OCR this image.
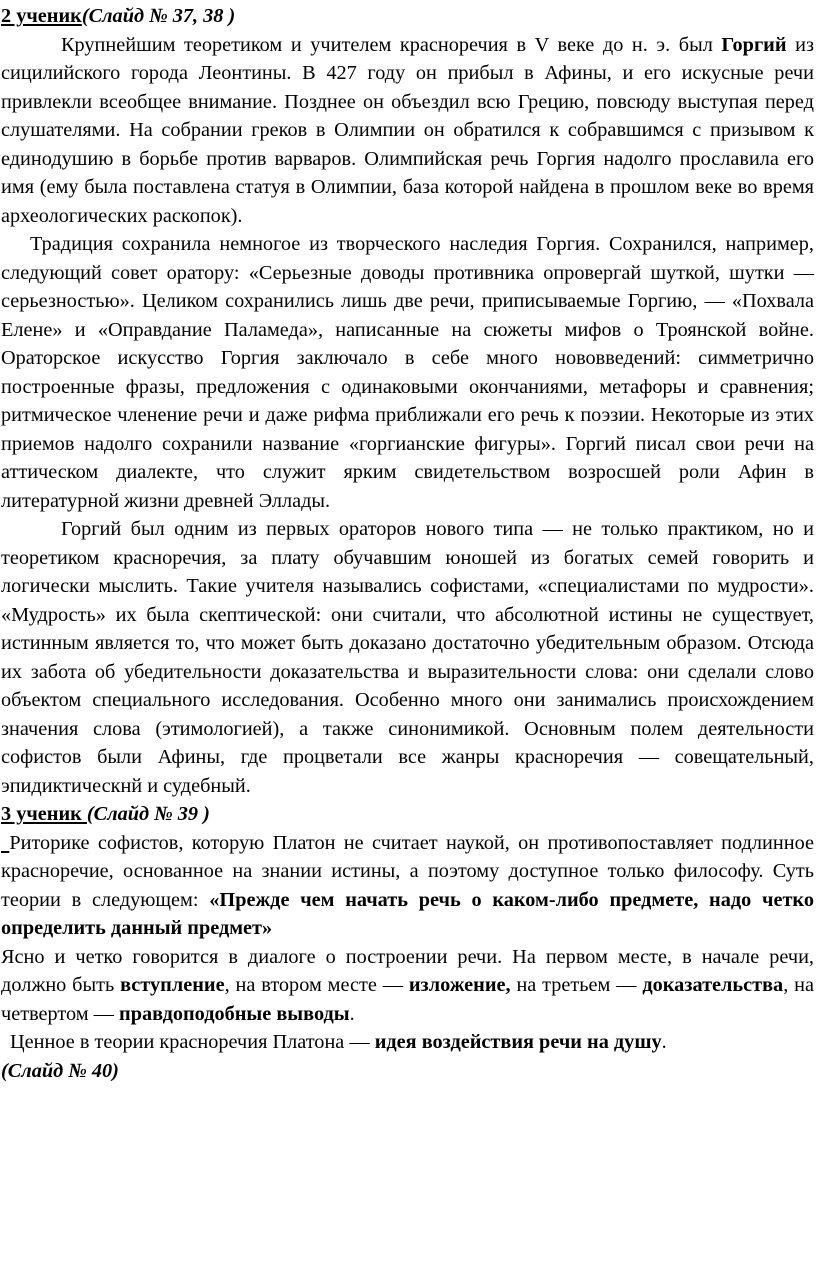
2 ученик(Слайд № 37, 38 )

Крупнейшим теоретиком и учителем красноречия в V веке до н. э. был Горгий из сицилийского города Леонтины. В 427 году он прибыл в Афины, и его искусные речи привлекли всеобщее внимание. Позднее он объездил всю Грецию, повсюду выступая перед слушателями. На собрании греков в Олимпии он обратился к собравшимся с призывом к единодушию в борьбе против варваров. Олимпийская речь Горгия надолго прославила его имя (ему была поставлена статуя в Олимпии, база которой найдена в прошлом веке во время археологических раскопок).

Традиция сохранила немногое из творческого наследия Горгия. Сохранился, например, следующий совет оратору: «Серьезные доводы противника опровергай шуткой, шутки — серьезностью». Целиком сохранились лишь две речи, приписываемые Горгию, — «Похвала Елене» и «Оправдание Паламеда», написанные на сюжеты мифов о Троянской войне. Ораторское искусство Горгия заключало в себе много нововведений: симметрично построенные фразы, предложения с одинаковыми окончаниями, метафоры и сравнения; ритмическое членение речи и даже рифма приближали его речь к поэзии. Некоторые из этих приемов надолго сохранили название «горгианские фигуры». Горгий писал свои речи на аттическом диалекте, что служит ярким свидетельством возросшей роли Афин в литературной жизни древней Эллады.

Горгий был одним из первых ораторов нового типа — не только практиком, но и теоретиком красноречия, за плату обучавшим юношей из богатых семей говорить и логически мыслить. Такие учителя назывались софистами, «специалистами по мудрости». «Мудрость» их была скептической: они считали, что абсолютной истины не существует, истинным является то, что может быть доказано достаточно убедительным образом. Отсюда их забота об убедительности доказательства и выразительности слова: они сделали слово объектом специального исследования. Особенно много они занимались происхождением значения слова (этимологией), а также синонимикой. Основным полем деятельности софистов были Афины, где процветали все жанры красноречия — совещательный, эпидиктическнй и судебный.

3 ученик (Слайд № 39 )

Риторике софистов, которую Платон не считает наукой, он противопоставляет подлинное красноречие, основанное на знании истины, а поэтому доступное только философу. Суть теории в следующем: «Прежде чем начать речь о каком-либо предмете, надо четко определить данный предмет»

Ясно и четко говорится в диалоге о построении речи. На первом месте, в начале речи, должно быть вступление, на втором месте — изложение, на третьем — доказательства, на четвертом — правдоподобные выводы.

Ценное в теории красноречия Платона — идея воздействия речи на душу.

(Слайд № 40)
